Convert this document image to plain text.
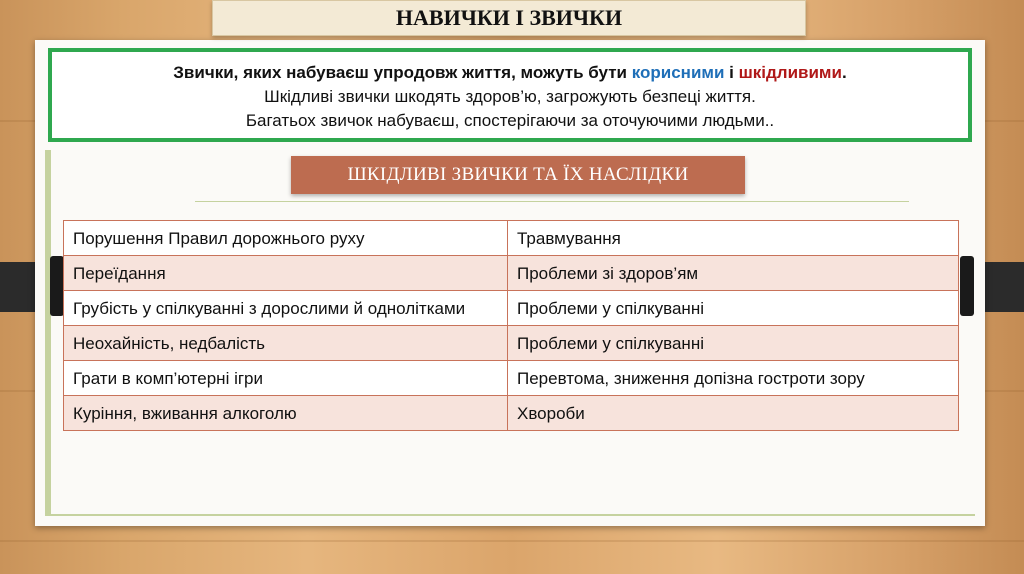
НАВИЧКИ І ЗВИЧКИ
Звички, яких набуваєш упродовж життя, можуть бути корисними і шкідливими.
Шкідливі звички шкодять здоров’ю, загрожують безпеці життя.
Багатьох звичок набуваєш, спостерігаючи за оточуючими людьми..
ШКІДЛИВІ ЗВИЧКИ ТА ЇХ НАСЛІДКИ
Порушення Правил дорожнього руху	Травмування
Переїдання	Проблеми зі здоров’ям
Грубість у спілкуванні з дорослими й однолітками	Проблеми у спілкуванні
Неохайність, недбалість	Проблеми у спілкуванні
Грати в комп’ютерні ігри	Перевтома, зниження допізна гостроти зору
Куріння, вживання алкоголю	Хвороби
